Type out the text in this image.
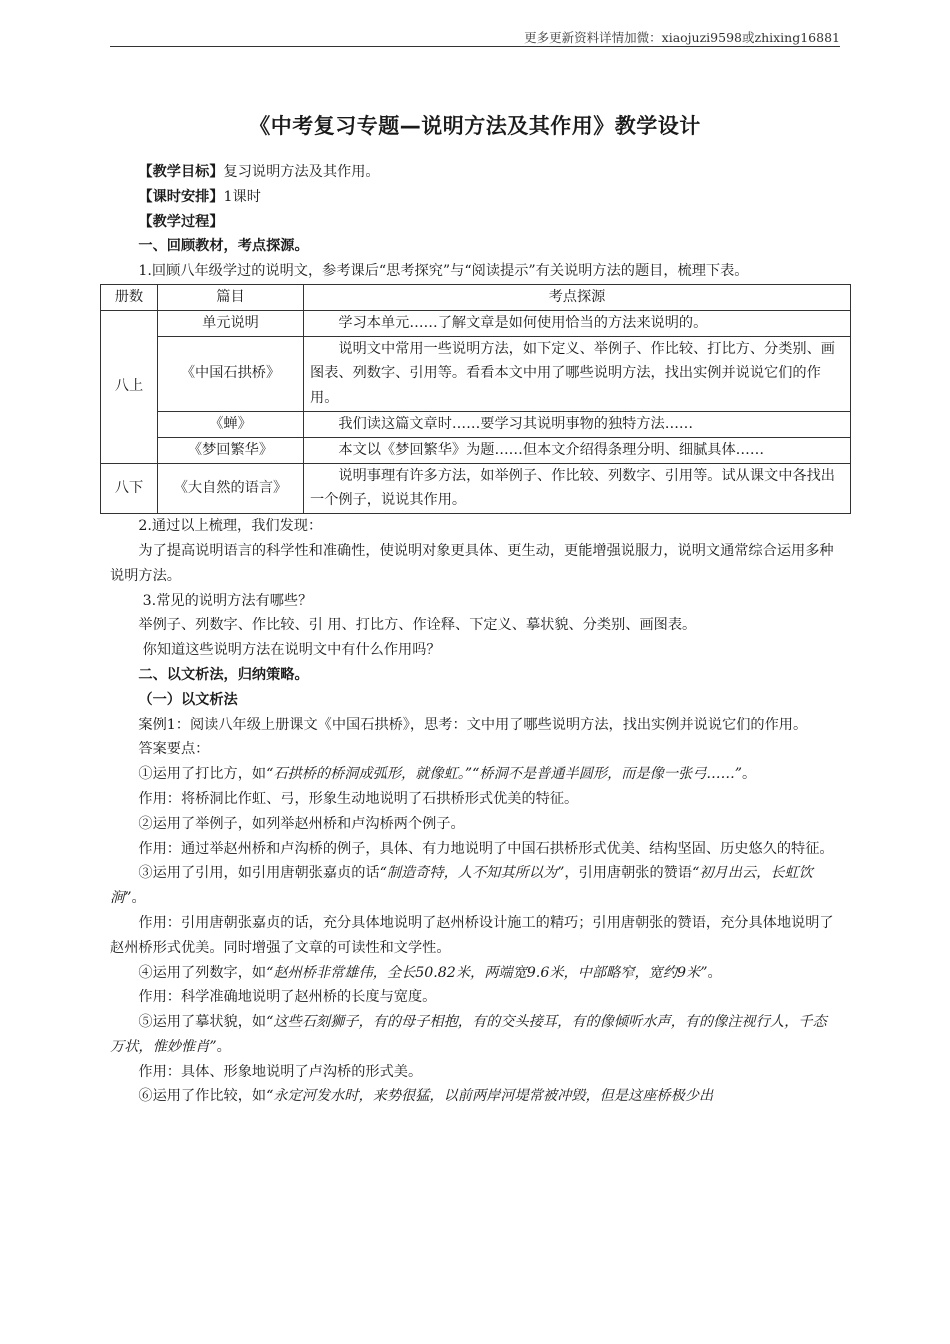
更多更新资料详情加微：xiaojuzi9598或zhixing16881
《中考复习专题—说明方法及其作用》教学设计

【教学目标】复习说明方法及其作用。

【课时安排】1课时

【教学过程】

一、回顾教材，考点探源。

1.回顾八年级学过的说明文，参考课后“思考探究”与“阅读提示”有关说明方法的题目，梳理下表。

册数	篇目	考点探源
八上	单元说明	学习本单元……了解文章是如何使用恰当的方法来说明的。
	《中国石拱桥》	说明文中常用一些说明方法，如下定义、举例子、作比较、打比方、分类别、画图表、列数字、引用等。看看本文中用了哪些说明方法，找出实例并说说它们的作用。
	《蝉》	我们读这篇文章时……要学习其说明事物的独特方法……
	《梦回繁华》	本文以《梦回繁华》为题……但本文介绍得条理分明、细腻具体……
八下	《大自然的语言》	说明事理有许多方法，如举例子、作比较、列数字、引用等。试从课文中各找出一个例子，说说其作用。

2.通过以上梳理，我们发现：

为了提高说明语言的科学性和准确性，使说明对象更具体、更生动，更能增强说服力，说明文通常综合运用多种说明方法。

3.常见的说明方法有哪些？

举例子、列数字、作比较、引 用、打比方、作诠释、下定义、摹状貌、分类别、画图表。

你知道这些说明方法在说明文中有什么作用吗？

二、以文析法，归纳策略。

（一）以文析法

案例1：阅读八年级上册课文《中国石拱桥》，思考：文中用了哪些说明方法，找出实例并说说它们的作用。

答案要点：

①运用了打比方，如“石拱桥的桥洞成弧形，就像虹。”“桥洞不是普通半圆形，而是像一张弓……”。

作用：将桥洞比作虹、弓，形象生动地说明了石拱桥形式优美的特征。

②运用了举例子，如列举赵州桥和卢沟桥两个例子。

作用：通过举赵州桥和卢沟桥的例子，具体、有力地说明了中国石拱桥形式优美、结构坚固、历史悠久的特征。

③运用了引用，如引用唐朝张嘉贞的话“制造奇特，人不知其所以为”，引用唐朝张的赞语“初月出云，长虹饮涧”。

作用：引用唐朝张嘉贞的话，充分具体地说明了赵州桥设计施工的精巧；引用唐朝张的赞语，充分具体地说明了赵州桥形式优美。同时增强了文章的可读性和文学性。

④运用了列数字，如“赵州桥非常雄伟，全长50.82米，两端宽9.6米，中部略窄，宽约9米”。

作用：科学准确地说明了赵州桥的长度与宽度。

⑤运用了摹状貌，如“这些石刻狮子，有的母子相抱，有的交头接耳，有的像倾听水声，有的像注视行人，千态万状，惟妙惟肖”。

作用：具体、形象地说明了卢沟桥的形式美。

⑥运用了作比较，如“永定河发水时，来势很猛，以前两岸河堤常被冲毁，但是这座桥极少出
